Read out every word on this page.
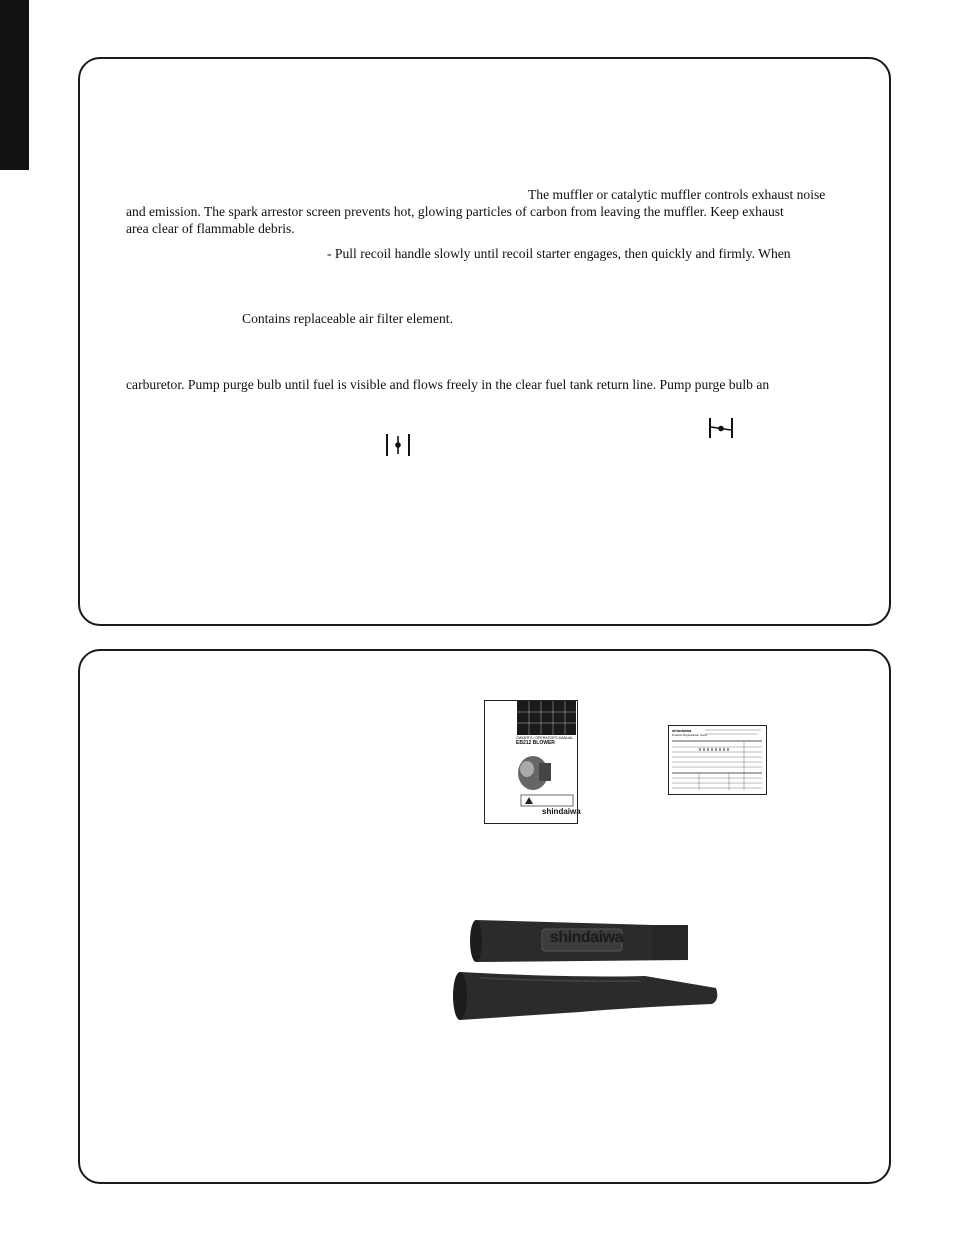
The muffler or catalytic muffler controls exhaust noise
and emission. The spark arrestor screen prevents hot, glowing particles of carbon from leaving the muffler. Keep exhaust
area clear of flammable debris.
- Pull recoil handle slowly until recoil starter engages, then quickly and firmly. When
Contains replaceable air filter element.
carburetor. Pump purge bulb until fuel is visible and flows freely in the clear fuel tank return line. Pump purge bulb an
OWNER'S / OPERATOR'S MANUAL
EB212 BLOWER
shindaiwa
shindaiwa
Product Registration Card
shindaiwa
